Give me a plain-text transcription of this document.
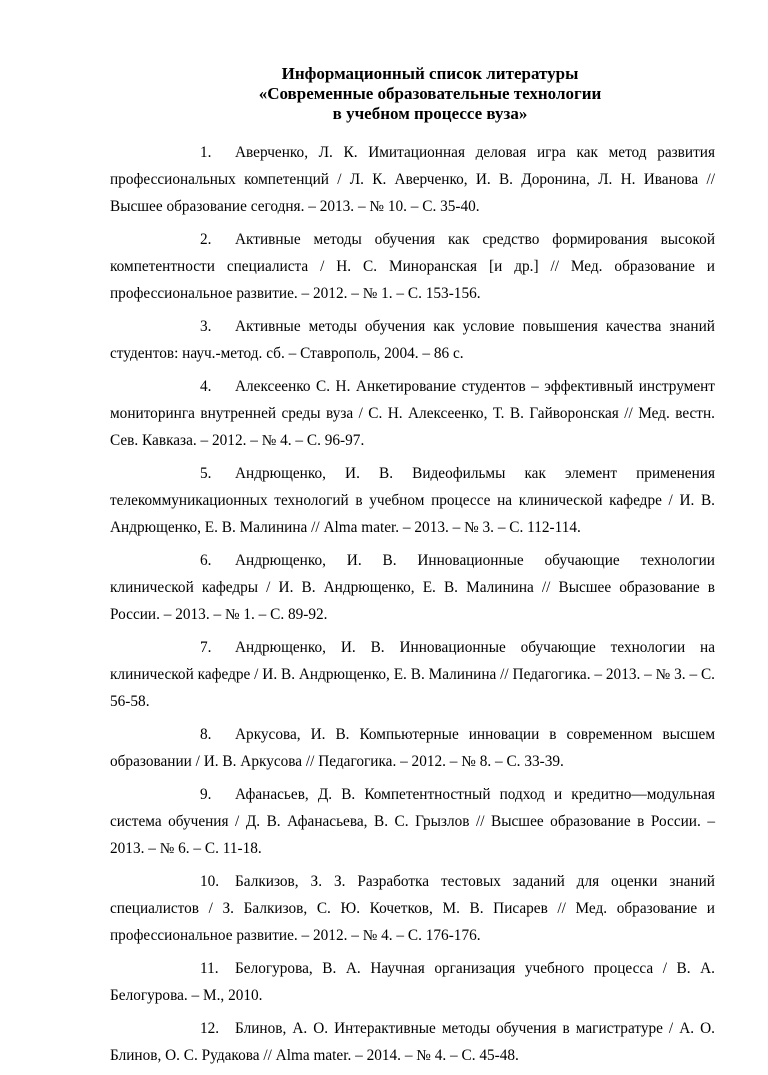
Информационный список литературы
«Современные образовательные технологии
в учебном процессе вуза»

1. Аверченко, Л. К. Имитационная деловая игра как метод развития профессиональных компетенций / Л. К. Аверченко, И. В. Доронина, Л. Н. Иванова // Высшее образование сегодня. – 2013. – № 10. – С. 35-40.

2. Активные методы обучения как средство формирования высокой компетентности специалиста / Н. С. Миноранская [и др.] // Мед. образование и профессиональное развитие. – 2012. – № 1. – С. 153-156.

3. Активные методы обучения как условие повышения качества знаний студентов: науч.-метод. сб. – Ставрополь, 2004. – 86 с.

4. Алексеенко С. Н. Анкетирование студентов – эффективный инструмент мониторинга внутренней среды вуза / С. Н. Алексеенко, Т. В. Гайворонская // Мед. вестн. Сев. Кавказа. – 2012. – № 4. – С. 96-97.

5. Андрющенко, И. В. Видеофильмы как элемент применения телекоммуникационных технологий в учебном процессе на клинической кафедре / И. В. Андрющенко, Е. В. Малинина // Alma mater. – 2013. – № 3. – С. 112-114.

6. Андрющенко, И. В. Инновационные обучающие технологии клинической кафедры / И. В. Андрющенко, Е. В. Малинина // Высшее образование в России. – 2013. – № 1. – С. 89-92.

7. Андрющенко, И. В. Инновационные обучающие технологии на клинической кафедре / И. В. Андрющенко, Е. В. Малинина // Педагогика. – 2013. – № 3. – С. 56-58.

8. Аркусова, И. В. Компьютерные инновации в современном высшем образовании / И. В. Аркусова // Педагогика. – 2012. – № 8. – С. 33-39.

9. Афанасьев, Д. В. Компетентностный подход и кредитно—модульная система обучения / Д. В. Афанасьева, В. С. Грызлов // Высшее образование в России. – 2013. – № 6. – С. 11-18.

10. Балкизов, З. З. Разработка тестовых заданий для оценки знаний специалистов / З. Балкизов, С. Ю. Кочетков, М. В. Писарев // Мед. образование и профессиональное развитие. – 2012. – № 4. – С. 176-176.

11. Белогурова, В. А. Научная организация учебного процесса / В. А. Белогурова. – М., 2010.

12. Блинов, А. О. Интерактивные методы обучения в магистратуре / А. О. Блинов, О. С. Рудакова // Alma mater. – 2014. – № 4. – С. 45-48.
